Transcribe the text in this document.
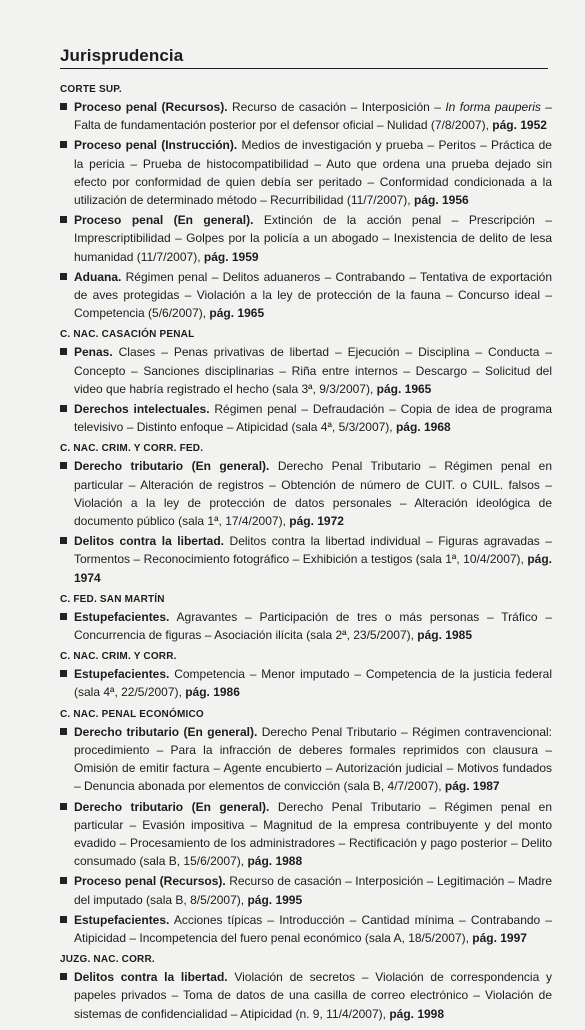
Jurisprudencia
CORTE SUP.
Proceso penal (Recursos). Recurso de casación – Interposición – In forma pauperis – Falta de fundamentación posterior por el defensor oficial – Nulidad (7/8/2007), pág. 1952
Proceso penal (Instrucción). Medios de investigación y prueba – Peritos – Práctica de la pericia – Prueba de histocompatibilidad – Auto que ordena una prueba dejado sin efecto por conformidad de quien debía ser peritado – Conformidad condicionada a la utilización de determinado método – Recurribilidad (11/7/2007), pág. 1956
Proceso penal (En general). Extinción de la acción penal – Prescripción – Imprescriptibilidad – Golpes por la policía a un abogado – Inexistencia de delito de lesa humanidad (11/7/2007), pág. 1959
Aduana. Régimen penal – Delitos aduaneros – Contrabando – Tentativa de exportación de aves protegidas – Violación a la ley de protección de la fauna – Concurso ideal – Competencia (5/6/2007), pág. 1965
C. NAC. CASACIÓN PENAL
Penas. Clases – Penas privativas de libertad – Ejecución – Disciplina – Conducta – Concepto – Sanciones disciplinarias – Riña entre internos – Descargo – Solicitud del video que habría registrado el hecho (sala 3ª, 9/3/2007), pág. 1965
Derechos intelectuales. Régimen penal – Defraudación – Copia de idea de programa televisivo – Distinto enfoque – Atipicidad (sala 4ª, 5/3/2007), pág. 1968
C. NAC. CRIM. Y CORR. FED.
Derecho tributario (En general). Derecho Penal Tributario – Régimen penal en particular – Alteración de registros – Obtención de número de CUIT. o CUIL. falsos – Violación a la ley de protección de datos personales – Alteración ideológica de documento público (sala 1ª, 17/4/2007), pág. 1972
Delitos contra la libertad. Delitos contra la libertad individual – Figuras agravadas – Tormentos – Reconocimiento fotográfico – Exhibición a testigos (sala 1ª, 10/4/2007), pág. 1974
C. FED. SAN MARTÍN
Estupefacientes. Agravantes – Participación de tres o más personas – Tráfico – Concurrencia de figuras – Asociación ilícita (sala 2ª, 23/5/2007), pág. 1985
C. NAC. CRIM. Y CORR.
Estupefacientes. Competencia – Menor imputado – Competencia de la justicia federal (sala 4ª, 22/5/2007), pág. 1986
C. NAC. PENAL ECONÓMICO
Derecho tributario (En general). Derecho Penal Tributario – Régimen contravencional: procedimiento – Para la infracción de deberes formales reprimidos con clausura – Omisión de emitir factura – Agente encubierto – Autorización judicial – Motivos fundados – Denuncia abonada por elementos de convicción (sala B, 4/7/2007), pág. 1987
Derecho tributario (En general). Derecho Penal Tributario – Régimen penal en particular – Evasión impositiva – Magnitud de la empresa contribuyente y del monto evadido – Procesamiento de los administradores – Rectificación y pago posterior – Delito consumado (sala B, 15/6/2007), pág. 1988
Proceso penal (Recursos). Recurso de casación – Interposición – Legitimación – Madre del imputado (sala B, 8/5/2007), pág. 1995
Estupefacientes. Acciones típicas – Introducción – Cantidad mínima – Contrabando – Atipicidad – Incompetencia del fuero penal económico (sala A, 18/5/2007), pág. 1997
JUZG. NAC. CORR.
Delitos contra la libertad. Violación de secretos – Violación de correspondencia y papeles privados – Toma de datos de una casilla de correo electrónico – Violación de sistemas de confidencialidad – Atipicidad (n. 9, 11/4/2007), pág. 1998
